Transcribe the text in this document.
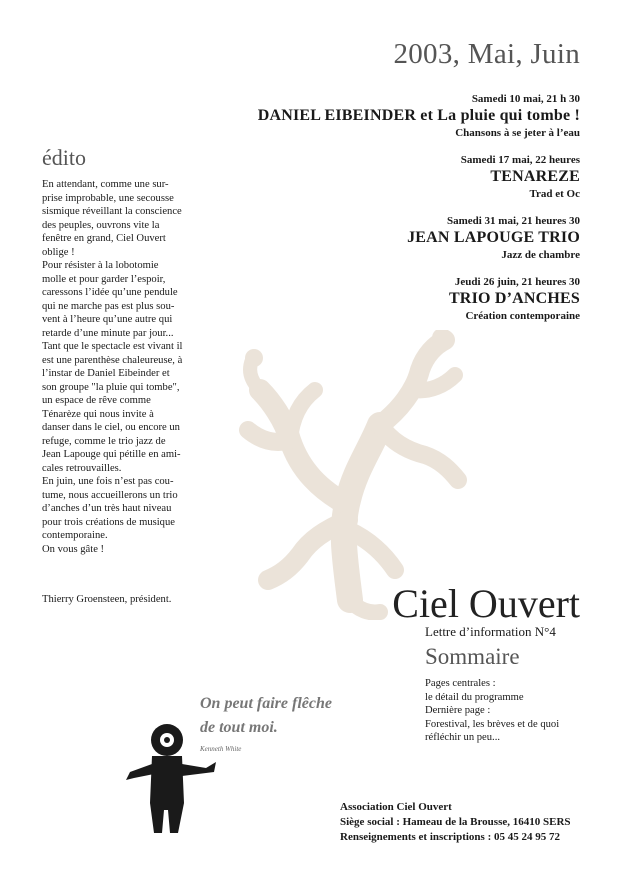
2003, Mai, Juin
Samedi 10 mai, 21 h 30
DANIEL EIBEINDER et La pluie qui tombe !
Chansons à se jeter à l’eau
Samedi 17 mai, 22 heures
TENAREZE
Trad et Oc
Samedi 31 mai, 21 heures 30
JEAN LAPOUGE TRIO
Jazz de chambre
Jeudi 26 juin, 21 heures 30
TRIO D’ANCHES
Création contemporaine
édito

En attendant, comme une sur-

prise improbable, une secousse

sismique réveillant la conscience

des peuples, ouvrons vite la

fenêtre en grand, Ciel Ouvert

oblige !

Pour résister à la lobotomie

molle et pour garder l’espoir,

caressons l’idée qu’une pendule

qui ne marche pas est plus sou-

vent à l’heure qu’une autre qui

retarde d’une minute par jour...

Tant que le spectacle est vivant il

est une parenthèse chaleureuse, à

l’instar de Daniel Eibeinder et

son groupe "la pluie qui tombe",

un espace de rêve comme

Ténarèze qui nous invite à

danser dans le ciel, ou encore un

refuge, comme le trio jazz de

Jean Lapouge qui pétille en ami-

cales retrouvailles.

En juin, une fois n’est pas cou-

tume, nous accueillerons un trio

d’anches d’un très haut niveau

pour trois créations de musique

contemporaine.

On vous gâte !

Thierry Groensteen, président.	Ciel Ouvert
Lettre d’information N°4
Sommaire
Pages centrales :
le détail du programme
Dernière page :
Forestival, les brèves et de quoi
réfléchir un peu...
On peut faire flêche
de tout moi.
Kenneth White
Association Ciel Ouvert
Siège social : Hameau de la Brousse, 16410 SERS
Renseignements et inscriptions : 05 45 24 95 72
